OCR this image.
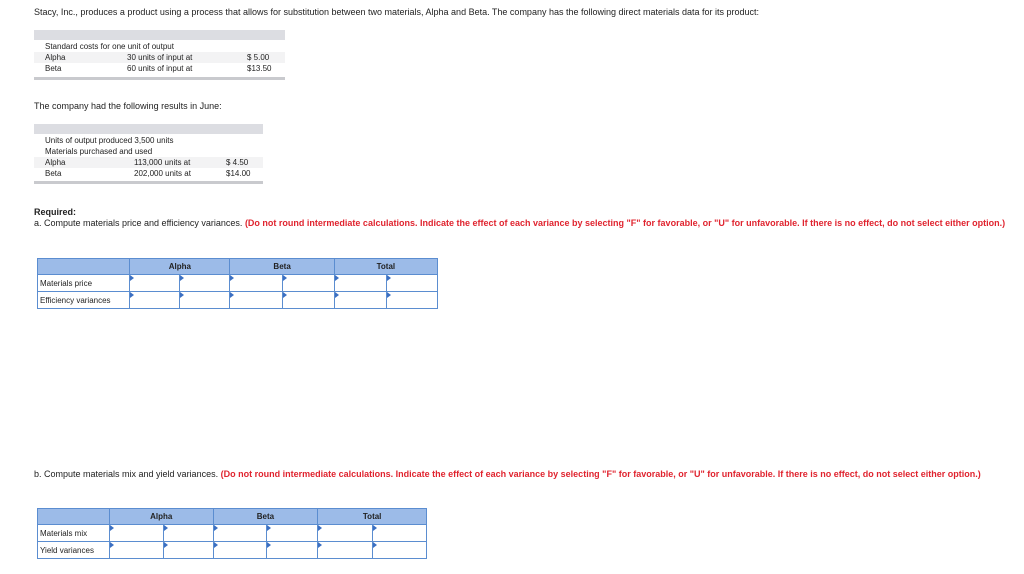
Stacy, Inc., produces a product using a process that allows for substitution between two materials, Alpha and Beta. The company has the following direct materials data for its product:
Standard costs for one unit of output
Alpha	30 units of input at	$ 5.00
Beta	60 units of input at	$13.50
The company had the following results in June:
Units of output produced 3,500 units
Materials purchased and used
Alpha	113,000 units at	$ 4.50
Beta	202,000 units at	$14.00
Required:
a. Compute materials price and efficiency variances. (Do not round intermediate calculations. Indicate the effect of each variance by selecting "F" for favorable, or "U" for unfavorable. If there is no effect, do not select either option.)
	Alpha		Beta		Total	
Materials price						
Efficiency variances						
b. Compute materials mix and yield variances. (Do not round intermediate calculations. Indicate the effect of each variance by selecting "F" for favorable, or "U" for unfavorable. If there is no effect, do not select either option.)
	Alpha		Beta		Total	
Materials mix						
Yield variances						
